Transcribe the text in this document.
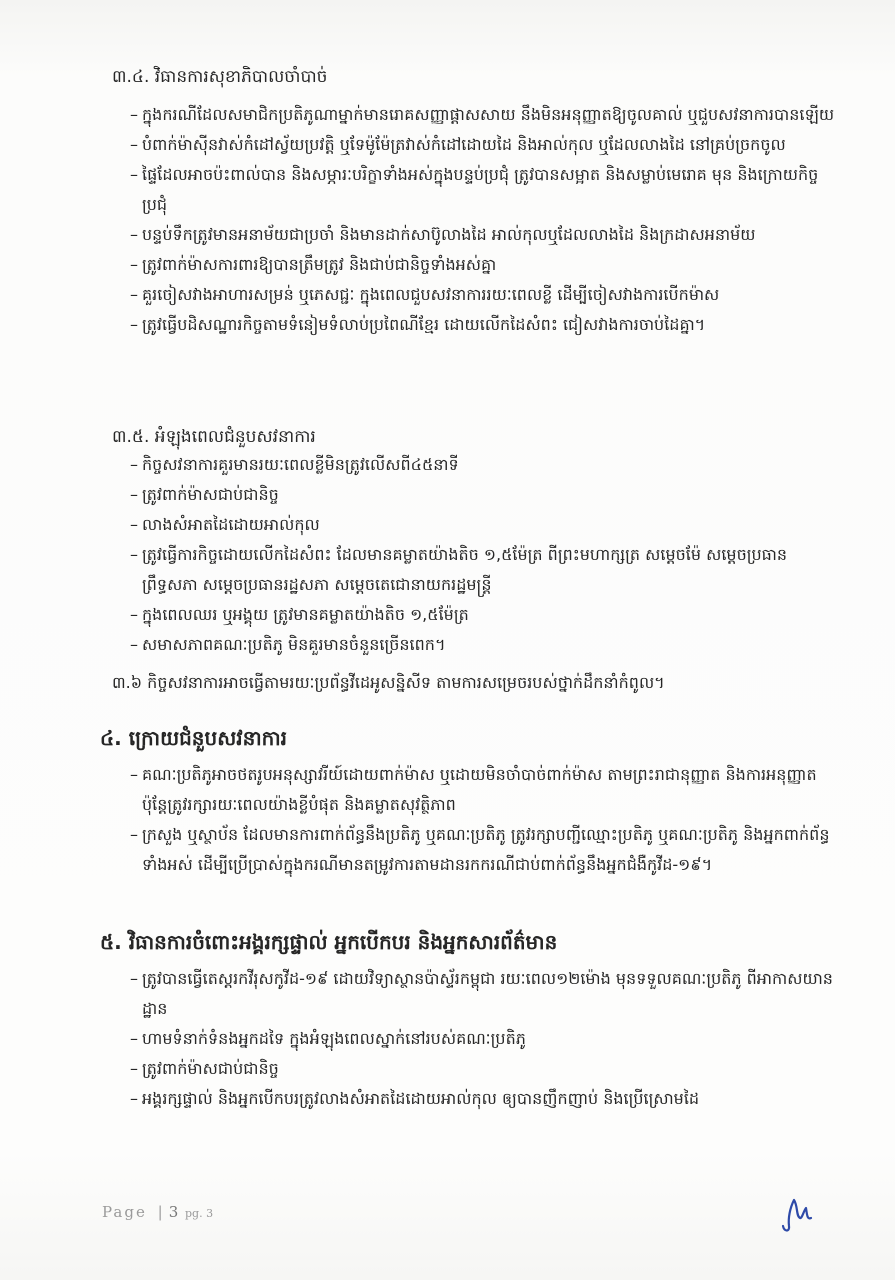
៣.៤. វិធានការសុខាភិបាលចាំបាច់

– ក្នុងករណីដែលសមាជិកប្រតិភូណាម្នាក់មានរោគសញ្ញាផ្ដាសសាយ នឹងមិនអនុញ្ញាតឱ្យចូលគាល់ ឬជួបសវនាការបានឡើយ
– បំពាក់ម៉ាស៊ីនវាស់កំដៅស្វ័យប្រវត្តិ ឬទែម៉ូម៉ែត្រវាស់កំដៅដោយដៃ និងអាល់កុល ឬដែលលាងដៃ នៅគ្រប់ច្រកចូល
– ផ្ទៃដែលអាចប៉ះពាល់បាន និងសម្ភារៈបរិក្ខាទាំងអស់ក្នុងបន្ទប់ប្រជុំ ត្រូវបានសម្អាត និងសម្លាប់មេរោគ មុន និងក្រោយកិច្ចប្រជុំ
– បន្ទប់ទឹកត្រូវមានអនាម័យជាប្រចាំ និងមានដាក់សាប៊ូលាងដៃ អាល់កុលឬដែលលាងដៃ និងក្រដាសអនាម័យ
– ត្រូវពាក់ម៉ាសការពារឱ្យបានត្រឹមត្រូវ និងជាប់ជានិច្ចទាំងអស់គ្នា
– គួរចៀសវាងអាហារសម្រន់ ឬភេសជ្ជៈ ក្នុងពេលជួបសវនាការរយៈពេលខ្លី ដើម្បីចៀសវាងការបើកម៉ាស
– ត្រូវធ្វើបដិសណ្ឋារកិច្ចតាមទំនៀមទំលាប់ប្រពៃណីខ្មែរ ដោយលើកដៃសំពះ ជៀសវាងការចាប់ដៃគ្នា។

៣.៥. អំឡុងពេលជំនួបសវនាការ

– កិច្ចសវនាការគួរមានរយៈពេលខ្លីមិនត្រូវលើសពី៤៥នាទី
– ត្រូវពាក់ម៉ាសជាប់ជានិច្ច
– លាងសំអាតដៃដោយអាល់កុល
– ត្រូវធ្វើការកិច្ចដោយលើកដៃសំពះ ដែលមានគម្លាតយ៉ាងតិច ១,៥ម៉ែត្រ ពីព្រះមហាក្សត្រ សម្ដេចម៉ែ សម្ដេចប្រធានព្រឹទ្ធសភា សម្ដេចប្រធានរដ្ឋសភា សម្ដេចតេជោនាយករដ្ឋមន្ត្រី
– ក្នុងពេលឈរ ឬអង្គុយ ត្រូវមានគម្លាតយ៉ាងតិច ១,៥ម៉ែត្រ
– សមាសភាពគណៈប្រតិភូ មិនគួរមានចំនួនច្រើនពេក។

៣.៦ កិច្ចសវនាការអាចធ្វើតាមរយៈប្រព័ន្ធវីដេអូសន្និសីទ តាមការសម្រេចរបស់ថ្នាក់ដឹកនាំកំពូល។

៤. ក្រោយជំនួបសវនាការ

– គណៈប្រតិភូអាចថតរូបអនុស្សាវរីយ៍ដោយពាក់ម៉ាស ឬដោយមិនចាំបាច់ពាក់ម៉ាស តាមព្រះរាជានុញ្ញាត និងការអនុញ្ញាត ប៉ុន្តែត្រូវរក្សារយៈពេលយ៉ាងខ្លីបំផុត និងគម្លាតសុវត្ថិភាព
– ក្រសួង ឬស្ថាប័ន ដែលមានការពាក់ព័ន្ធនឹងប្រតិភូ ឬគណៈប្រតិភូ ត្រូវរក្សាបញ្ជីឈ្មោះប្រតិភូ ឬគណៈប្រតិភូ និងអ្នកពាក់ព័ន្ធទាំងអស់ ដើម្បីប្រើប្រាស់ក្នុងករណីមានតម្រូវការតាមដានរកករណីជាប់ពាក់ព័ន្ធនឹងអ្នកជំងឺកូវីដ-១៩។

៥. វិធានការចំពោះអង្គរក្សផ្ទាល់ អ្នកបើកបរ និងអ្នកសារព័ត៌មាន

– ត្រូវបានធ្វើតេស្តរកវីរុសកូវីដ-១៩ ដោយវិទ្យាស្ថានប៉ាស្ទ័រកម្ពុជា រយៈពេល១២ម៉ោង មុនទទួលគណៈប្រតិភូ ពីអាកាសយានដ្ឋាន
– ហាមទំនាក់ទំនងអ្នកដទៃ ក្នុងអំឡុងពេលស្នាក់នៅរបស់គណៈប្រតិភូ
– ត្រូវពាក់ម៉ាសជាប់ជានិច្ច
– អង្គរក្សផ្ទាល់ និងអ្នកបើកបរត្រូវលាងសំអាតដៃដោយអាល់កុល ឲ្យបានញឹកញាប់ និងប្រើស្រោមដៃ
Page | 3 pg. 3
